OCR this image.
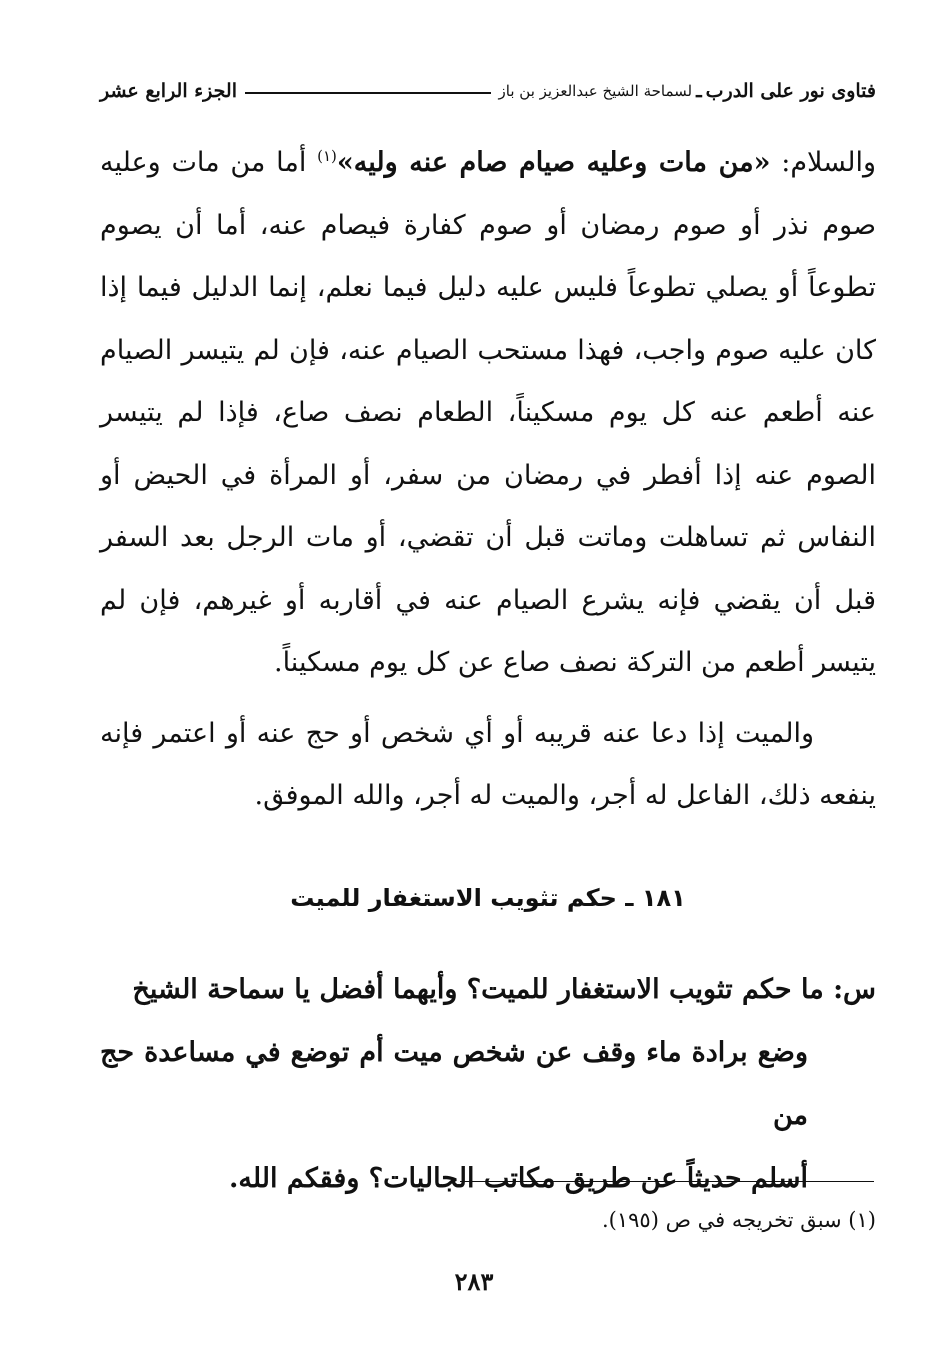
فتاوى نور على الدرب
ـ
لسماحة الشيخ عبدالعزيز بن باز
الجزء الرابع عشر

والسلام: «من مات وعليه صيام صام عنه وليه»$^{(١)}$ أما من مات وعليه صوم نذر أو صوم رمضان أو صوم كفارة فيصام عنه، أما أن يصوم تطوعاً أو يصلي تطوعاً فليس عليه دليل فيما نعلم، إنما الدليل فيما إذا كان عليه صوم واجب، فهذا مستحب الصيام عنه، فإن لم يتيسر الصيام عنه أطعم عنه كل يوم مسكيناً، الطعام نصف صاع، فإذا لم يتيسر الصوم عنه إذا أفطر في رمضان من سفر، أو المرأة في الحيض أو النفاس ثم تساهلت وماتت قبل أن تقضي، أو مات الرجل بعد السفر قبل أن يقضي فإنه يشرع الصيام عنه في أقاربه أو غيرهم، فإن لم يتيسر أطعم من التركة نصف صاع عن كل يوم مسكيناً.

والميت إذا دعا عنه قريبه أو أي شخص أو حج عنه أو اعتمر فإنه ينفعه ذلك، الفاعل له أجر، والميت له أجر، والله الموفق.

١٨١ ـ حكم تثويب الاستغفار للميت
س: ما حكم تثويب الاستغفار للميت؟ وأيهما أفضل يا سماحة الشيخ
وضع برادة ماء وقف عن شخص ميت أم توضع في مساعدة حج من
أسلم حديثاً عن طريق مكاتب الجاليات؟ وفقكم الله.
(١) سبق تخريجه في ص (١٩٥).
٢٨٣
